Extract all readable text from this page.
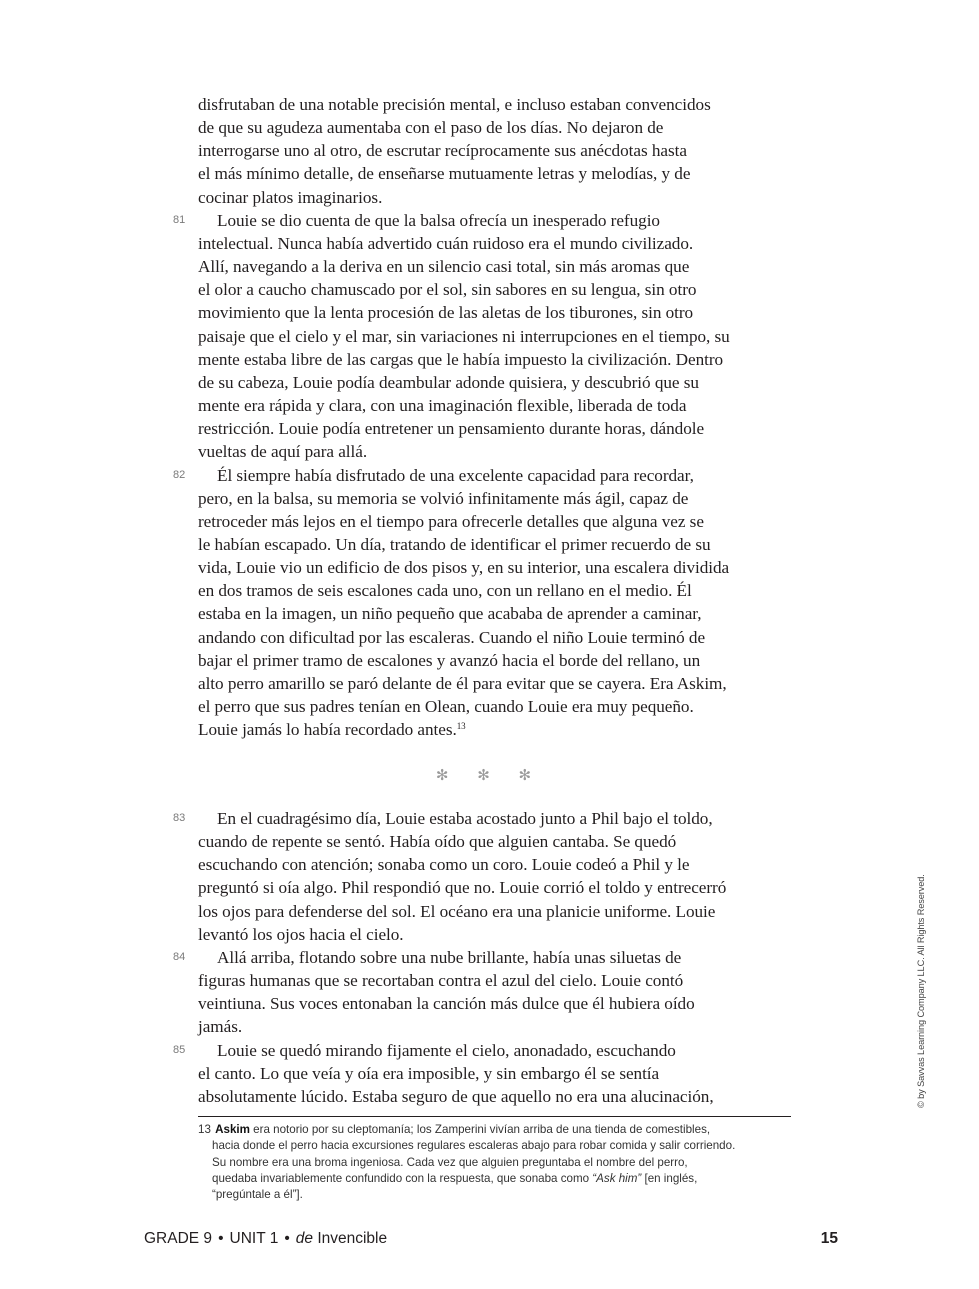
disfrutaban de una notable precisión mental, e incluso estaban convencidos
de que su agudeza aumentaba con el paso de los días. No dejaron de
interrogarse uno al otro, de escrutar recíprocamente sus anécdotas hasta
el más mínimo detalle, de enseñarse mutuamente letras y melodías, y de
cocinar platos imaginarios.
81 Louie se dio cuenta de que la balsa ofrecía un inesperado refugio
intelectual. Nunca había advertido cuán ruidoso era el mundo civilizado.
Allí, navegando a la deriva en un silencio casi total, sin más aromas que
el olor a caucho chamuscado por el sol, sin sabores en su lengua, sin otro
movimiento que la lenta procesión de las aletas de los tiburones, sin otro
paisaje que el cielo y el mar, sin variaciones ni interrupciones en el tiempo, su
mente estaba libre de las cargas que le había impuesto la civilización. Dentro
de su cabeza, Louie podía deambular adonde quisiera, y descubrió que su
mente era rápida y clara, con una imaginación flexible, liberada de toda
restricción. Louie podía entretener un pensamiento durante horas, dándole
vueltas de aquí para allá.
82 Él siempre había disfrutado de una excelente capacidad para recordar,
pero, en la balsa, su memoria se volvió infinitamente más ágil, capaz de
retroceder más lejos en el tiempo para ofrecerle detalles que alguna vez se
le habían escapado. Un día, tratando de identificar el primer recuerdo de su
vida, Louie vio un edificio de dos pisos y, en su interior, una escalera dividida
en dos tramos de seis escalones cada uno, con un rellano en el medio. Él
estaba en la imagen, un niño pequeño que acababa de aprender a caminar,
andando con dificultad por las escaleras. Cuando el niño Louie terminó de
bajar el primer tramo de escalones y avanzó hacia el borde del rellano, un
alto perro amarillo se paró delante de él para evitar que se cayera. Era Askim,
el perro que sus padres tenían en Olean, cuando Louie era muy pequeño.
Louie jamás lo había recordado antes.$^{13}$
✻ ✻ ✻
83 En el cuadragésimo día, Louie estaba acostado junto a Phil bajo el toldo,
cuando de repente se sentó. Había oído que alguien cantaba. Se quedó
escuchando con atención; sonaba como un coro. Louie codeó a Phil y le
preguntó si oía algo. Phil respondió que no. Louie corrió el toldo y entrecerró
los ojos para defenderse del sol. El océano era una planicie uniforme. Louie
levantó los ojos hacia el cielo.
84 Allá arriba, flotando sobre una nube brillante, había unas siluetas de
figuras humanas que se recortaban contra el azul del cielo. Louie contó
veintiuna. Sus voces entonaban la canción más dulce que él hubiera oído
jamás.
85 Louie se quedó mirando fijamente el cielo, anonadado, escuchando
el canto. Lo que veía y oía era imposible, y sin embargo él se sentía
absolutamente lúcido. Estaba seguro de que aquello no era una alucinación,
13 Askim era notorio por su cleptomanía; los Zamperini vivían arriba de una tienda de comestibles,
hacia donde el perro hacia excursiones regulares escaleras abajo para robar comida y salir corriendo.
Su nombre era una broma ingeniosa. Cada vez que alguien preguntaba el nombre del perro,
quedaba invariablemente confundido con la respuesta, que sonaba como “Ask him” [en inglés,
“pregúntale a él”].
© by Savvas Learning Company LLC. All Rights Reserved.
GRADE 9 • UNIT 1 • de Invencible	15
